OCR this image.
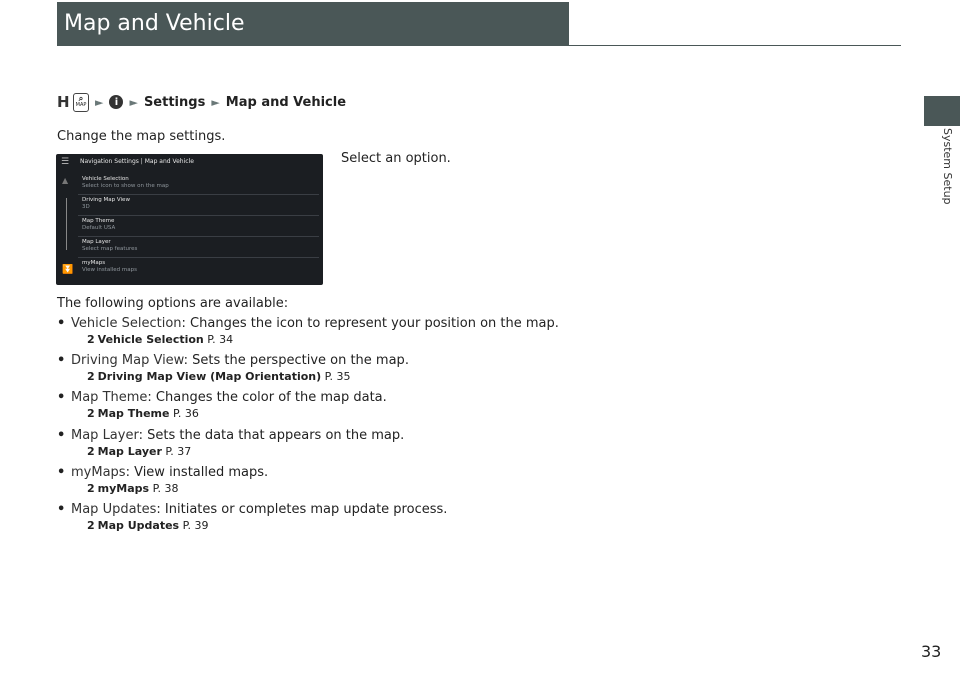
Map and Vehicle
System Setup
H ⌕
MAP ►	i	► Settings ► Map and Vehicle
Change the map settings.
Select an option.
☰	Navigation Settings | Map and Vehicle
▲
⏬
Vehicle Selection
Select icon to show on the map
Driving Map View
3D
Map Theme
Default USA
Map Layer
Select map features
myMaps
View installed maps
The following options are available:
• Vehicle Selection: Changes the icon to represent your position on the map.
2 Vehicle Selection P. 34
• Driving Map View: Sets the perspective on the map.
2 Driving Map View (Map Orientation) P. 35
• Map Theme: Changes the color of the map data.
2 Map Theme P. 36
• Map Layer: Sets the data that appears on the map.
2 Map Layer P. 37
• myMaps: View installed maps.
2 myMaps P. 38
• Map Updates: Initiates or completes map update process.
2 Map Updates P. 39
33
